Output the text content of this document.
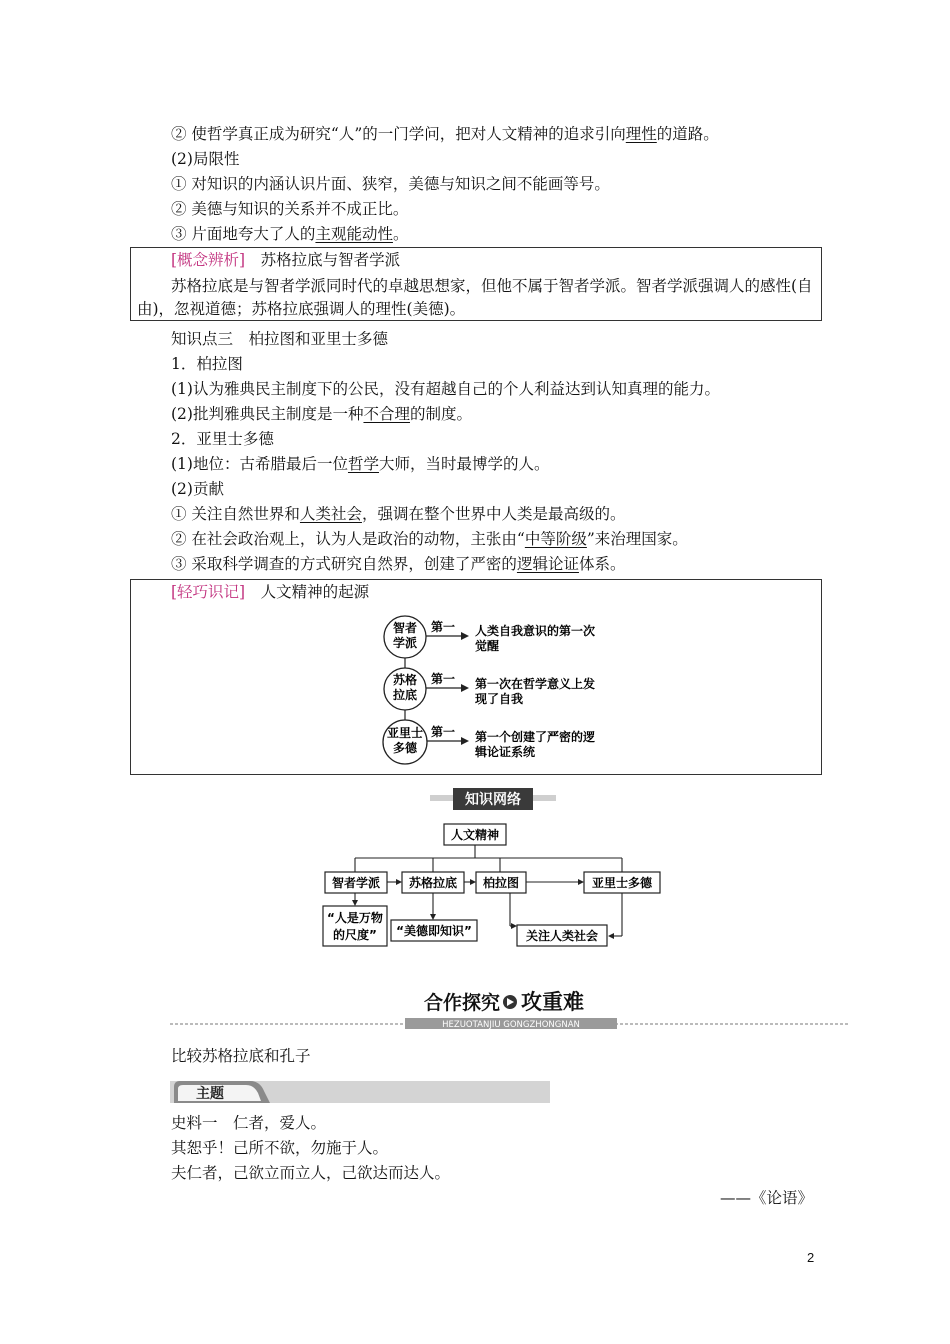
② 使哲学真正成为研究“人”的一门学问，把对人文精神的追求引向理性的道路。
(2)局限性
① 对知识的内涵认识片面、狭窄，美德与知识之间不能画等号。
② 美德与知识的关系并不成正比。
③ 片面地夸大了人的主观能动性。
[概念辨析]　 苏格拉底与智者学派
苏格拉底是与智者学派同时代的卓越思想家，但他不属于智者学派。智者学派强调人的感性(自由)，忽视道德；苏格拉底强调人的理性(美德)。
知识点三　柏拉图和亚里士多德
1．柏拉图
(1)认为雅典民主制度下的公民，没有超越自己的个人利益达到认知真理的能力。
(2)批判雅典民主制度是一种不合理的制度。
2．亚里士多德
(1)地位：古希腊最后一位哲学大师，当时最博学的人。
(2)贡献
① 关注自然世界和人类社会，强调在整个世界中人类是最高级的。
② 在社会政治观上，认为人是政治的动物，主张由“中等阶级”来治理国家。
③ 采取科学调查的方式研究自然界，创建了严密的逻辑论证体系。
[轻巧识记]　 人文精神的起源
智者
学派
第一 人类自我意识的第一次
觉醒
苏格
拉底
第一 第一次在哲学意义上发
现了自我
亚里士
多德
第一 第一个创建了严密的逻
辑论证系统
知识网络
人文精神
智者学派 苏格拉底 柏拉图	亚里士多德
“人是万物
的尺度” “美德即知识”	关注人类社会
合作探究 攻重难
HEZUOTANJIU GONGZHONGNAN
比较苏格拉底和孔子
主题
史料一　仁者，爱人。
其恕乎！己所不欲，勿施于人。
夫仁者，己欲立而立人，己欲达而达人。
——《论语》
2
